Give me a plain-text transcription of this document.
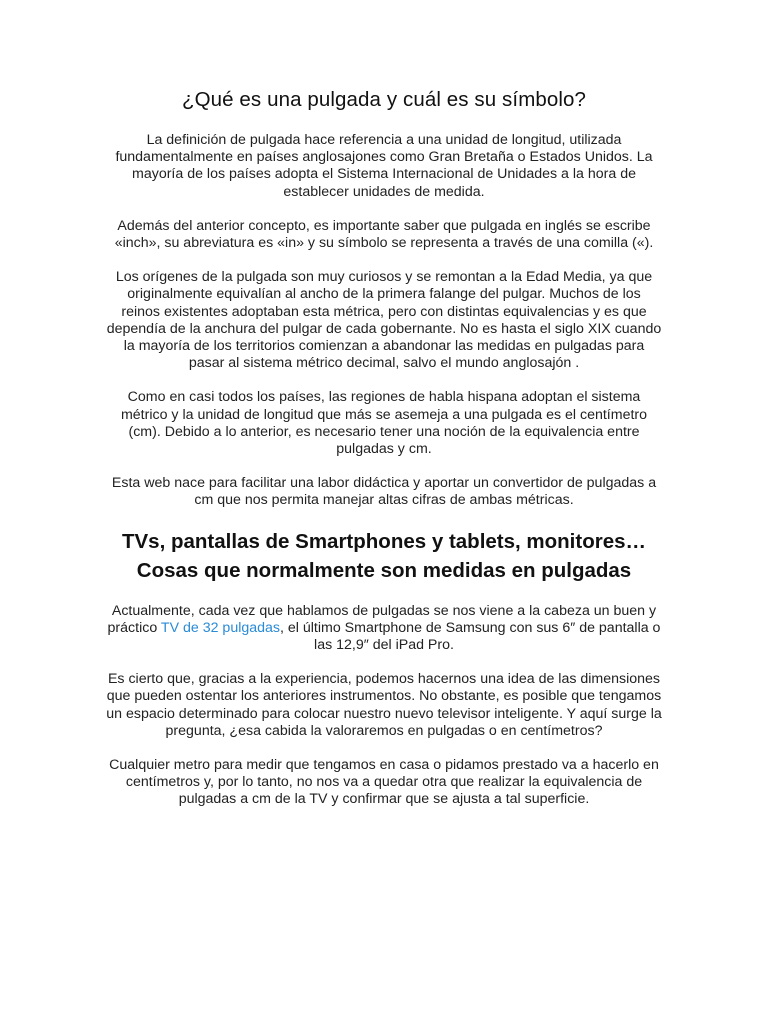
¿Qué es una pulgada y cuál es su símbolo?

La definición de pulgada hace referencia a una unidad de longitud, utilizada fundamentalmente en países anglosajones como Gran Bretaña o Estados Unidos. La mayoría de los países adopta el Sistema Internacional de Unidades a la hora de establecer unidades de medida.

Además del anterior concepto, es importante saber que pulgada en inglés se escribe «inch», su abreviatura es «in» y su símbolo se representa a través de una comilla («).

Los orígenes de la pulgada son muy curiosos y se remontan a la Edad Media, ya que originalmente equivalían al ancho de la primera falange del pulgar. Muchos de los reinos existentes adoptaban esta métrica, pero con distintas equivalencias y es que dependía de la anchura del pulgar de cada gobernante. No es hasta el siglo XIX cuando la mayoría de los territorios comienzan a abandonar las medidas en pulgadas para pasar al sistema métrico decimal, salvo el mundo anglosajón .

Como en casi todos los países, las regiones de habla hispana adoptan el sistema métrico y la unidad de longitud que más se asemeja a una pulgada es el centímetro (cm). Debido a lo anterior, es necesario tener una noción de la equivalencia entre pulgadas y cm.

Esta web nace para facilitar una labor didáctica y aportar un convertidor de pulgadas a cm que nos permita manejar altas cifras de ambas métricas.

TVs, pantallas de Smartphones y tablets, monitores… Cosas que normalmente son medidas en pulgadas

Actualmente, cada vez que hablamos de pulgadas se nos viene a la cabeza un buen y práctico TV de 32 pulgadas, el último Smartphone de Samsung con sus 6″ de pantalla o las 12,9″ del iPad Pro.

Es cierto que, gracias a la experiencia, podemos hacernos una idea de las dimensiones que pueden ostentar los anteriores instrumentos. No obstante, es posible que tengamos un espacio determinado para colocar nuestro nuevo televisor inteligente. Y aquí surge la pregunta, ¿esa cabida la valoraremos en pulgadas o en centímetros?

Cualquier metro para medir que tengamos en casa o pidamos prestado va a hacerlo en centímetros y, por lo tanto, no nos va a quedar otra que realizar la equivalencia de pulgadas a cm de la TV y confirmar que se ajusta a tal superficie.
